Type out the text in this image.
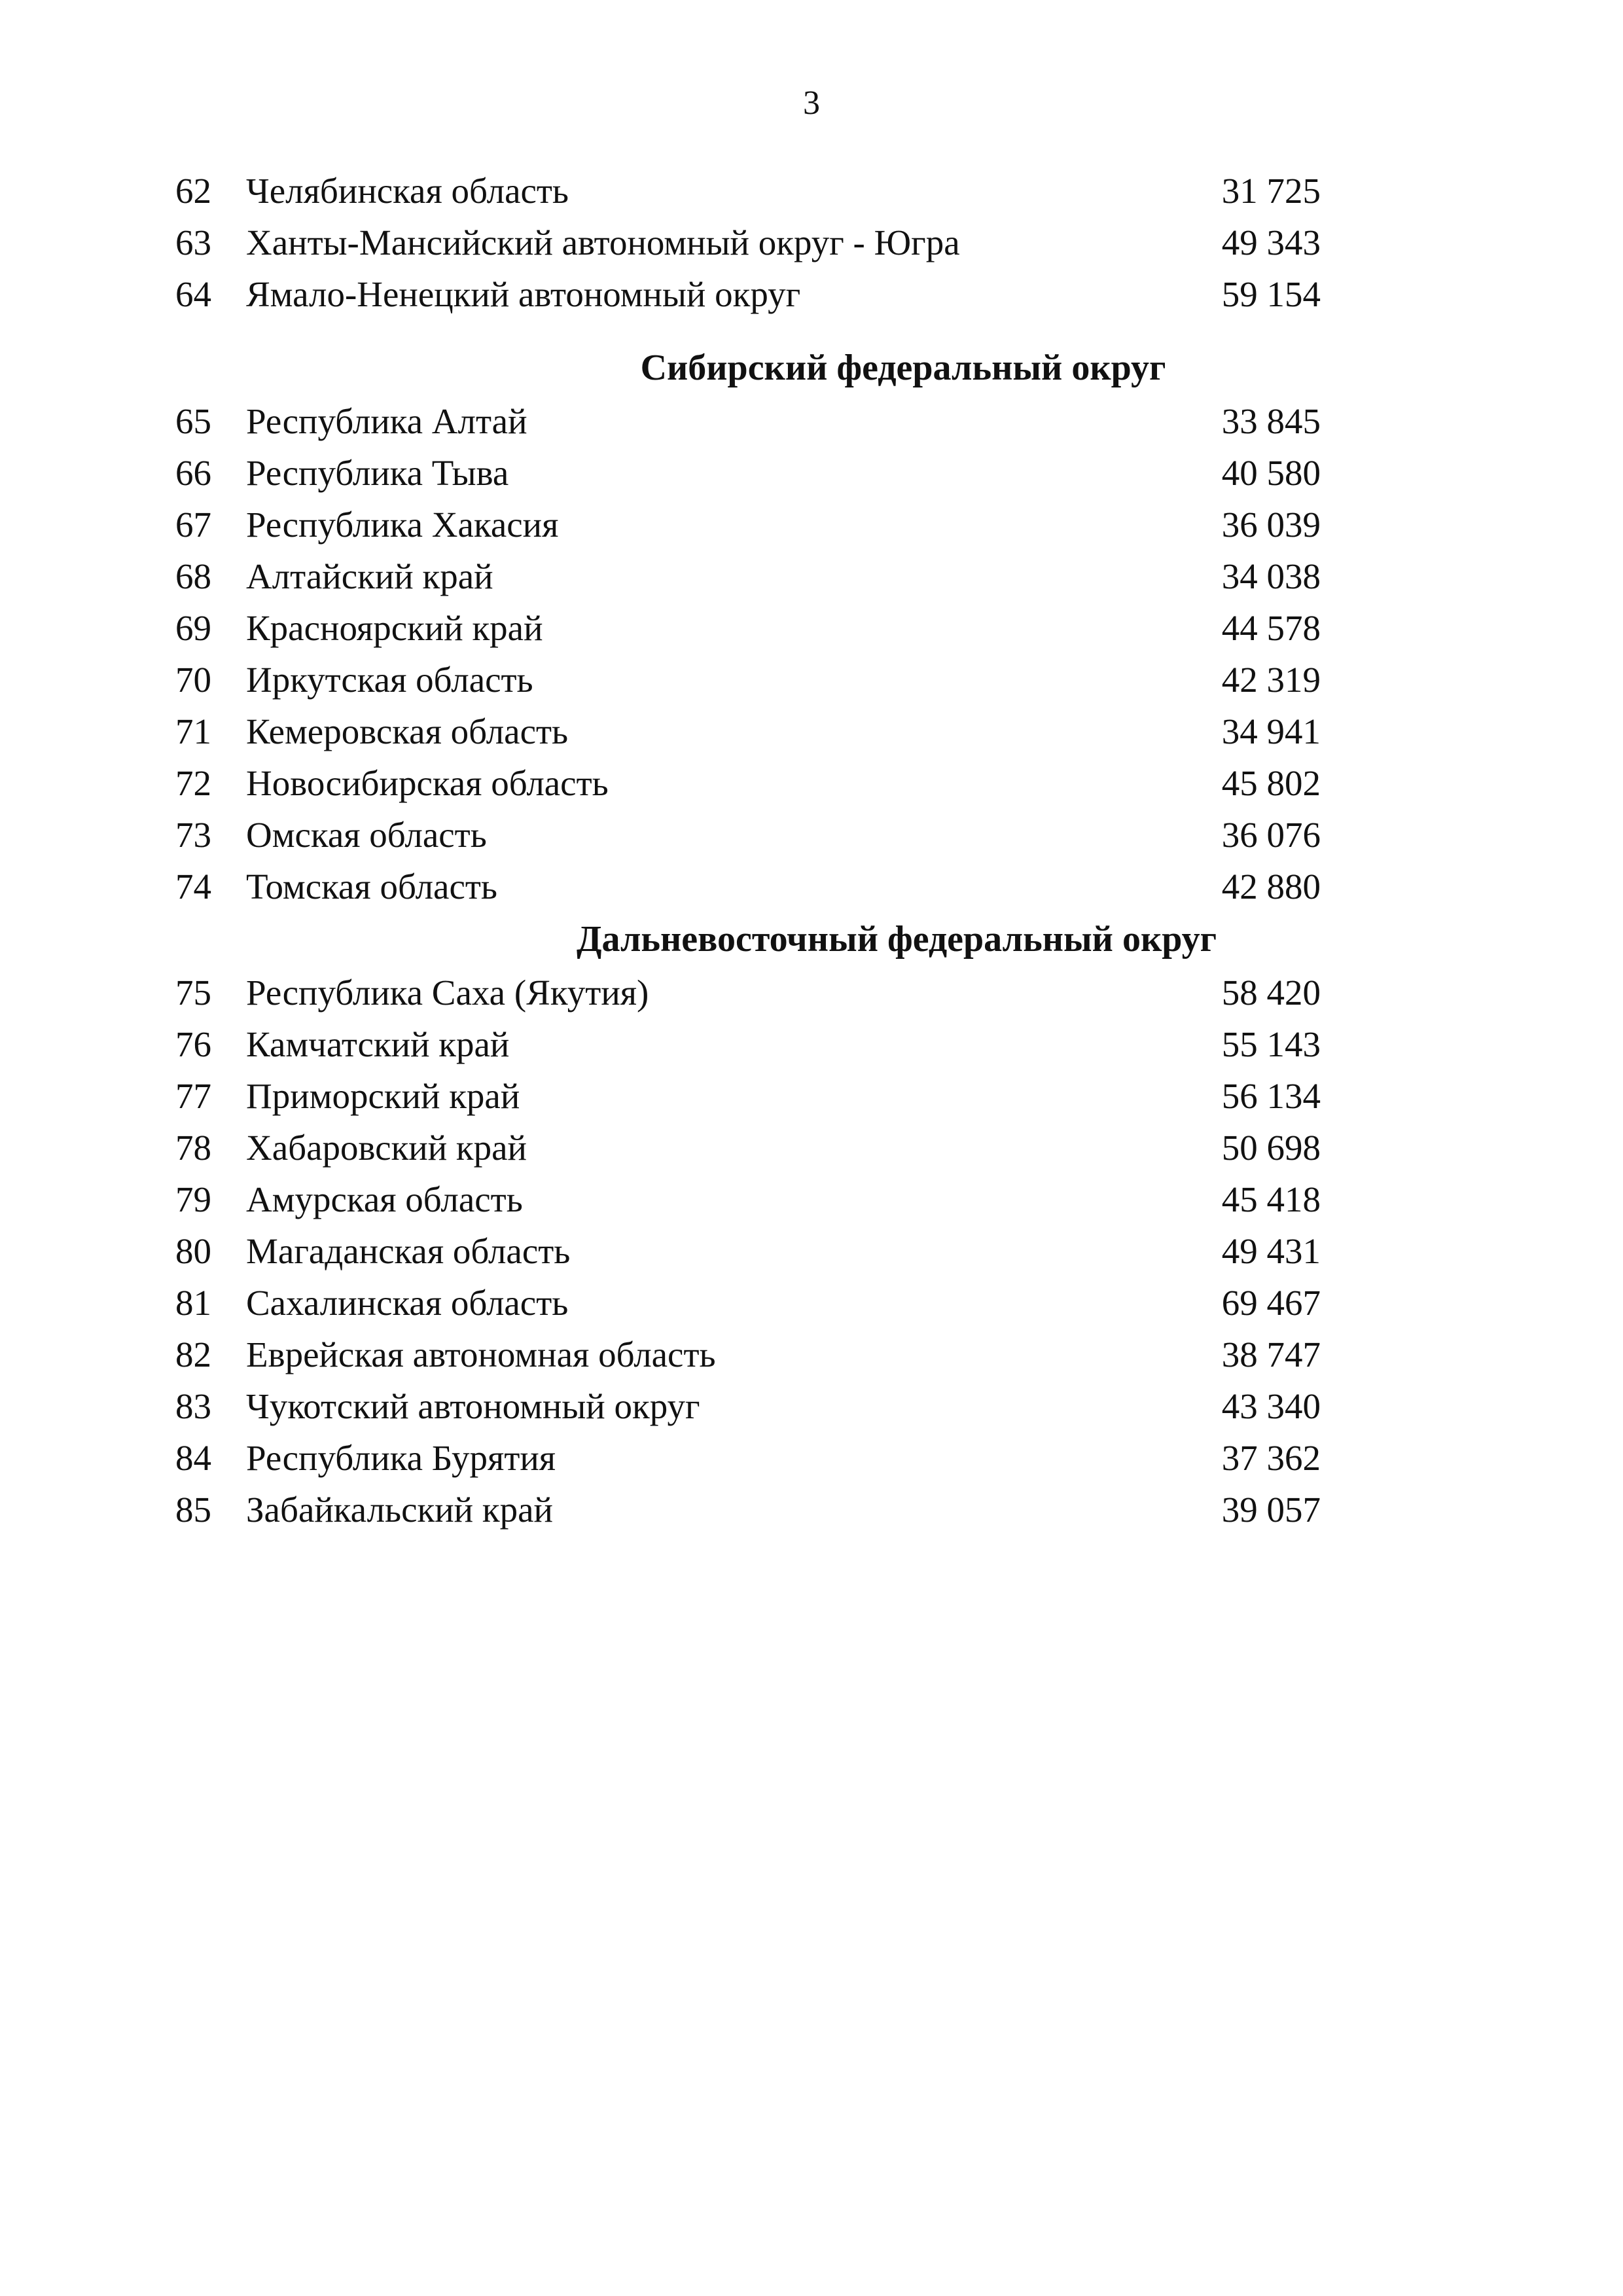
3
62 Челябинская область	31 725
63 Ханты-Мансийский автономный округ - Югра	49 343
64 Ямало-Ненецкий автономный округ	59 154
Сибирский федеральный округ
65 Республика Алтай	33 845
66 Республика Тыва	40 580
67 Республика Хакасия	36 039
68 Алтайский край	34 038
69 Красноярский край	44 578
70 Иркутская область	42 319
71 Кемеровская область	34 941
72 Новосибирская область	45 802
73 Омская область	36 076
74 Томская область	42 880
Дальневосточный федеральный округ
75 Республика Саха (Якутия)	58 420
76 Камчатский край	55 143
77 Приморский край	56 134
78 Хабаровский край	50 698
79 Амурская область	45 418
80 Магаданская область	49 431
81 Сахалинская область	69 467
82 Еврейская автономная область	38 747
83 Чукотский автономный округ	43 340
84 Республика Бурятия	37 362
85 Забайкальский край	39 057
